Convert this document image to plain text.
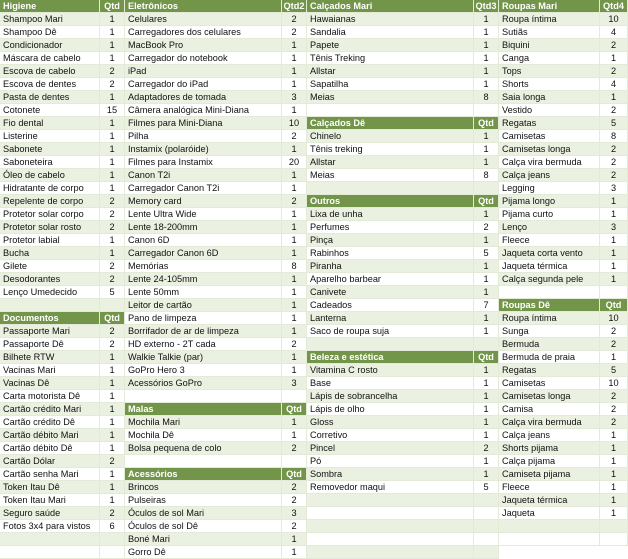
Higiene	Qtd
Shampoo Mari	1
Shampoo Dê	1
Condicionador	1
Máscara de cabelo	1
Escova de cabelo	2
Escova de dentes	2
Pasta de dentes	1
Cotonete	15
Fio dental	1
Listerine	1
Sabonete	1
Saboneteira	1
Óleo de cabelo	1
Hidratante de corpo	1
Repelente de corpo	2
Protetor solar corpo	2
Protetor solar rosto	2
Protetor labial	1
Bucha	1
Gilete	2
Desodorantes	2
Lenço Umedecido	5
Documentos	Qtd
Passaporte Mari	2
Passaporte Dê	2
Bilhete RTW	1
Vacinas Mari	1
Vacinas Dê	1
Carta motorista Dê	1
Cartão crédito Mari	1
Cartão crédito Dê	1
Cartão débito Mari	1
Cartão débito Dê	1
Cartão Dólar	2
Cartão senha Mari	1
Token Itau Dê	1
Token Itau Mari	1
Seguro saúde	2
Fotos 3x4 para vistos	6
Eletrônicos	Qtd2
Celulares	2
Carregadores dos celulares	2
MacBook Pro	1
Carregador do notebook	1
iPad	1
Carregador do iPad	1
Adaptadores de tomada	3
Câmera analógica Mini-Diana	1
Filmes para Mini-Diana	10
Pilha	2
Instamix (polaróide)	1
Filmes para Instamix	20
Canon T2i	1
Carregador Canon T2i	1
Memory card	2
Lente Ultra Wide	1
Lente 18-200mm	1
Canon 6D	1
Carregador Canon 6D	1
Memórias	8
Lente 24-105mm	1
Lente 50mm	1
Leitor de cartão	1
Pano de limpeza	1
Borrifador de ar de limpeza	1
HD externo - 2T cada	2
Walkie Talkie (par)	1
GoPro Hero 3	1
Acessórios GoPro	3
Malas	Qtd
Mochila Mari	1
Mochila Dê	1
Bolsa pequena de colo	2
Acessórios	Qtd
Brincos	2
Pulseiras	2
Óculos de sol Mari	3
Óculos de sol Dê	2
Boné Mari	1
Gorro Dê	1
Calçados Mari	Qtd3
Hawaianas	1
Sandalia	1
Papete	1
Tênis Treking	1
Allstar	1
Sapatilha	1
Meias	8
Calçados Dê	Qtd
Chinelo	1
Tênis treking	1
Allstar	1
Meias	8
Outros	Qtd
Lixa de unha	1
Perfumes	2
Pinça	1
Rabinhos	5
Piranha	1
Aparelho barbear	1
Canivete	1
Cadeados	7
Lanterna	1
Saco de roupa suja	1
Beleza e estética	Qtd
Vitamina C rosto	1
Base	1
Lápis de sobrancelha	1
Lápis de olho	1
Gloss	1
Corretivo	1
Pincel	2
Pó	1
Sombra	1
Removedor maqui	5
Roupas Mari	Qtd4
Roupa íntima	10
Sutiãs	4
Biquini	2
Canga	1
Tops	2
Shorts	4
Saia longa	1
Vestido	2
Regatas	5
Camisetas	8
Camisetas longa	2
Calça vira bermuda	2
Calça jeans	2
Legging	3
Pijama longo	1
Pijama curto	1
Lenço	3
Fleece	1
Jaqueta corta vento	1
Jaqueta térmica	1
Calça segunda pele	1
Roupas Dê	Qtd
Roupa íntima	10
Sunga	2
Bermuda	2
Bermuda de praia	1
Regatas	5
Camisetas	10
Camisetas longa	2
Camisa	2
Calça vira bermuda	2
Calça jeans	1
Shorts pijama	1
Calça pijama	1
Camiseta pijama	1
Fleece	1
Jaqueta térmica	1
Jaqueta	1
